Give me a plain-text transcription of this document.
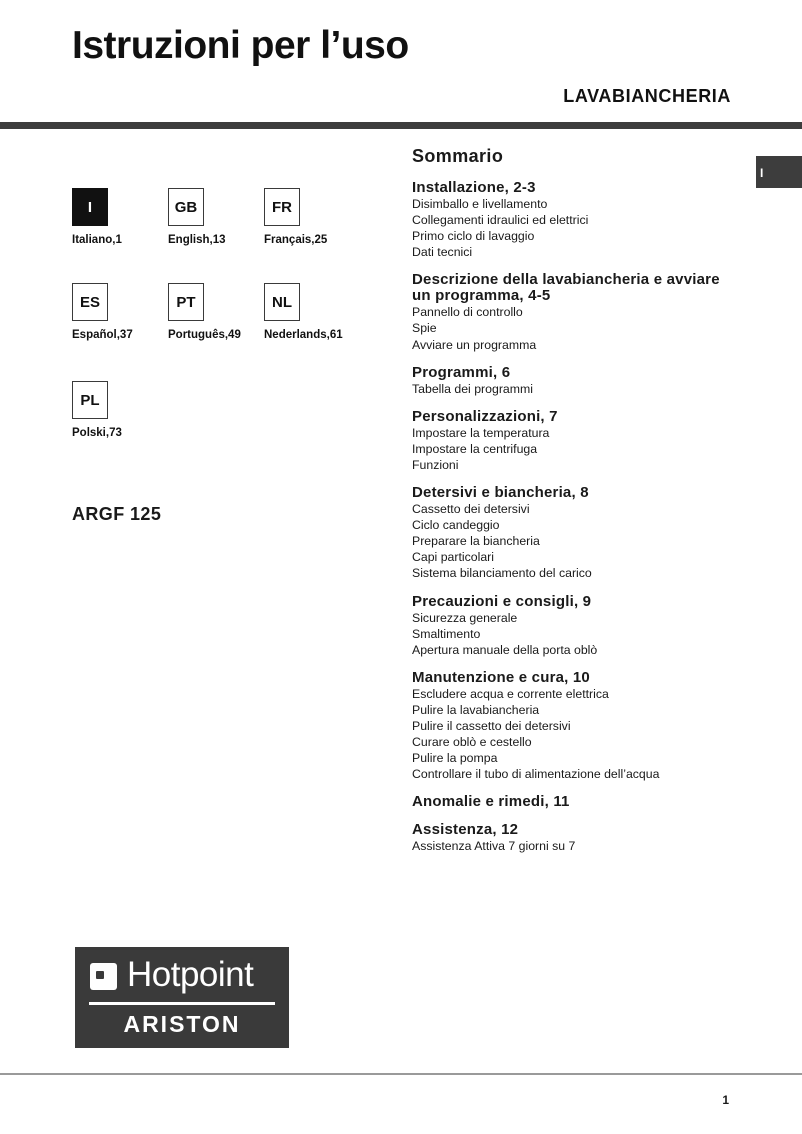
Istruzioni per l’uso
LAVABIANCHERIA
I
I
Italiano,1
GB
English,13
FR
Français,25
ES
Español,37
PT
Português,49
NL
Nederlands,61
PL
Polski,73
ARGF 125
Hotpoint
ARISTON
Sommario
Installazione, 2-3
Disimballo e livellamento
Collegamenti idraulici ed elettrici
Primo ciclo di lavaggio
Dati tecnici
Descrizione della lavabiancheria e avviare un programma, 4-5
Pannello di controllo
Spie
Avviare un programma
Programmi, 6
Tabella dei programmi
Personalizzazioni, 7
Impostare la temperatura
Impostare la centrifuga
Funzioni
Detersivi e biancheria, 8
Cassetto dei detersivi
Ciclo candeggio
Preparare la biancheria
Capi particolari
Sistema bilanciamento del carico
Precauzioni e consigli, 9
Sicurezza generale
Smaltimento
Apertura manuale della porta oblò
Manutenzione e cura, 10
Escludere acqua e corrente elettrica
Pulire la lavabiancheria
Pulire il cassetto dei detersivi
Curare oblò e cestello
Pulire la pompa
Controllare il tubo di alimentazione dell’acqua
Anomalie e rimedi, 11
Assistenza, 12
Assistenza Attiva 7 giorni su 7
1
